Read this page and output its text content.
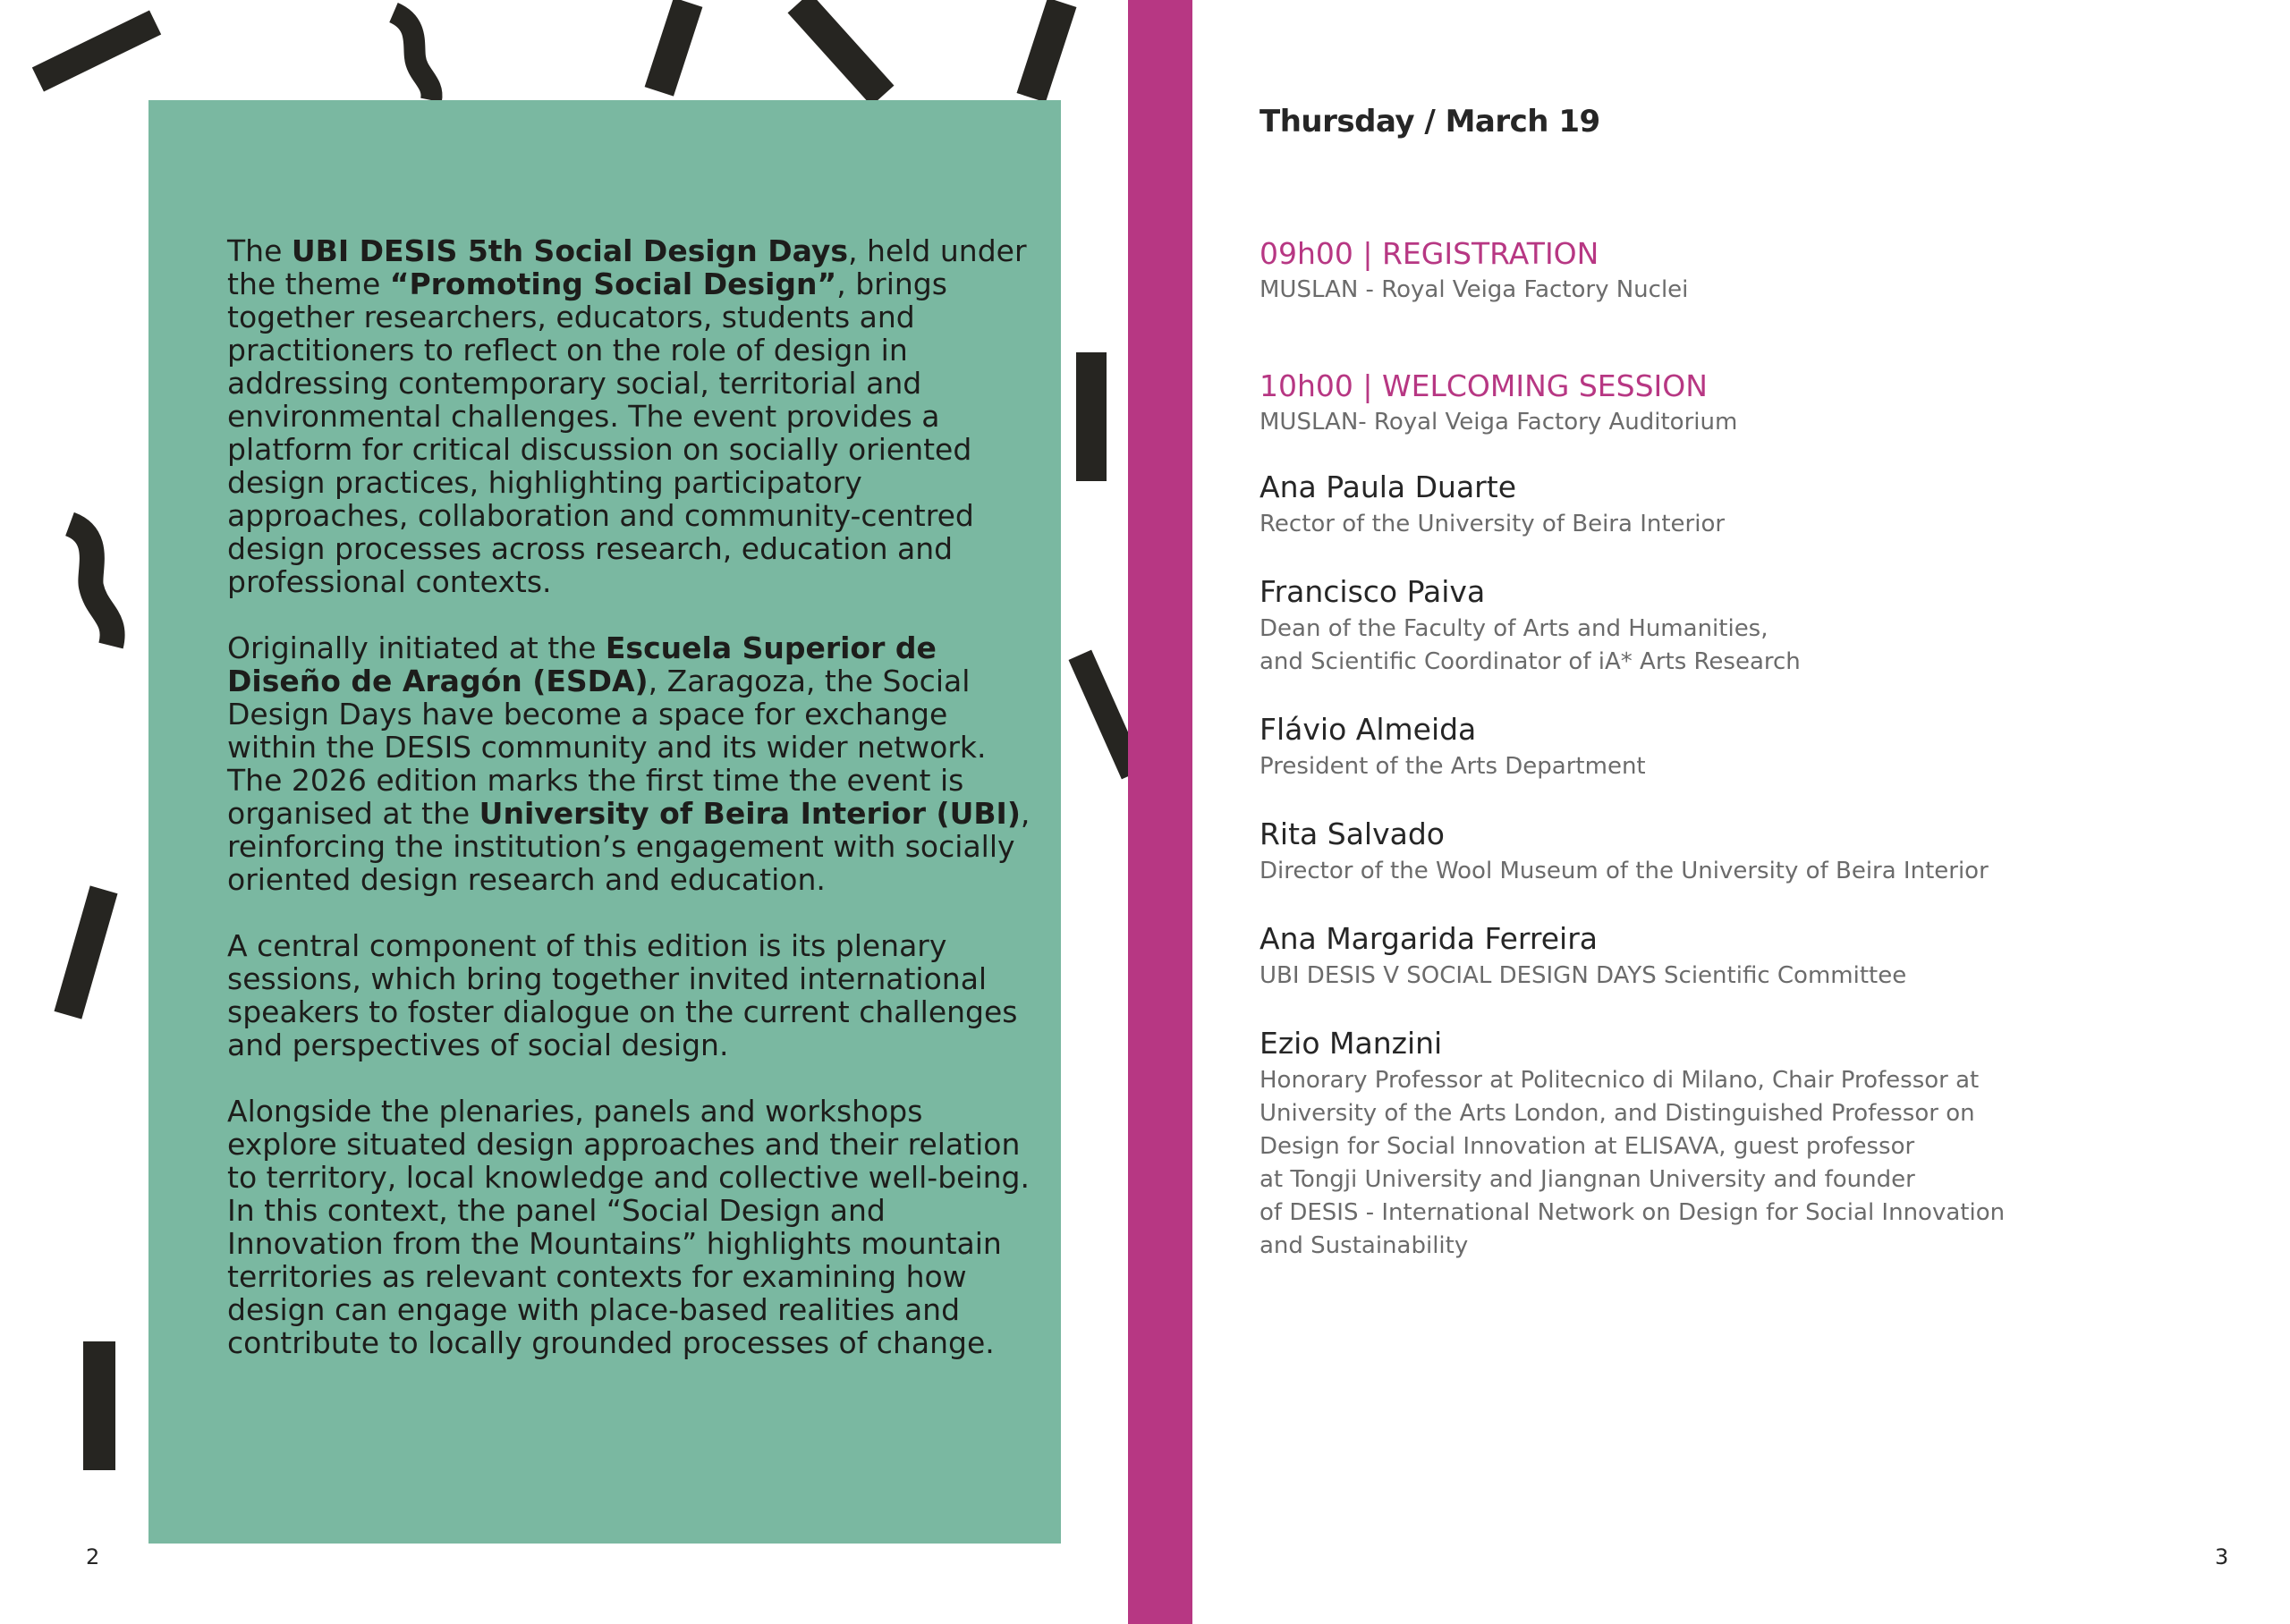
The UBI DESIS 5th Social Design Days, held under the theme “Promoting Social Design”, brings together researchers, educators, students and practitioners to reflect on the role of design in addressing contemporary social, territorial and environmental challenges. The event provides a platform for critical discussion on socially oriented design practices, highlighting participatory approaches, collaboration and community-centred design processes across research, education and professional contexts.

Originally initiated at the Escuela Superior de Diseño de Aragón (ESDA), Zaragoza, the Social Design Days have become a space for exchange within the DESIS community and its wider network. The 2026 edition marks the first time the event is organised at the University of Beira Interior (UBI), reinforcing the institution’s engagement with socially oriented design research and education.

A central component of this edition is its plenary sessions, which bring together invited international speakers to foster dialogue on the current challenges and perspectives of social design.

Alongside the plenaries, panels and workshops explore situated design approaches and their relation to territory, local knowledge and collective well-being. In this context, the panel “Social Design and Innovation from the Mountains” highlights mountain territories as relevant contexts for examining how design can engage with place-based realities and contribute to locally grounded processes of change.

2	3
Thursday / March 19
09h00 | REGISTRATION
MUSLAN - Royal Veiga Factory Nuclei
10h00 | WELCOMING SESSION
MUSLAN- Royal Veiga Factory Auditorium
Ana Paula Duarte

Rector of the University of Beira Interior

Francisco Paiva

Dean of the Faculty of Arts and Humanities,
and Scientific Coordinator of iA* Arts Research

Flávio Almeida

President of the Arts Department

Rita Salvado

Director of the Wool Museum of the University of Beira Interior

Ana Margarida Ferreira

UBI DESIS V SOCIAL DESIGN DAYS Scientific Committee

Ezio Manzini

Honorary Professor at Politecnico di Milano, Chair Professor at
University of the Arts London, and Distinguished Professor on
Design for Social Innovation at ELISAVA, guest professor
at Tongji University and Jiangnan University and founder
of DESIS - International Network on Design for Social Innovation
and Sustainability
